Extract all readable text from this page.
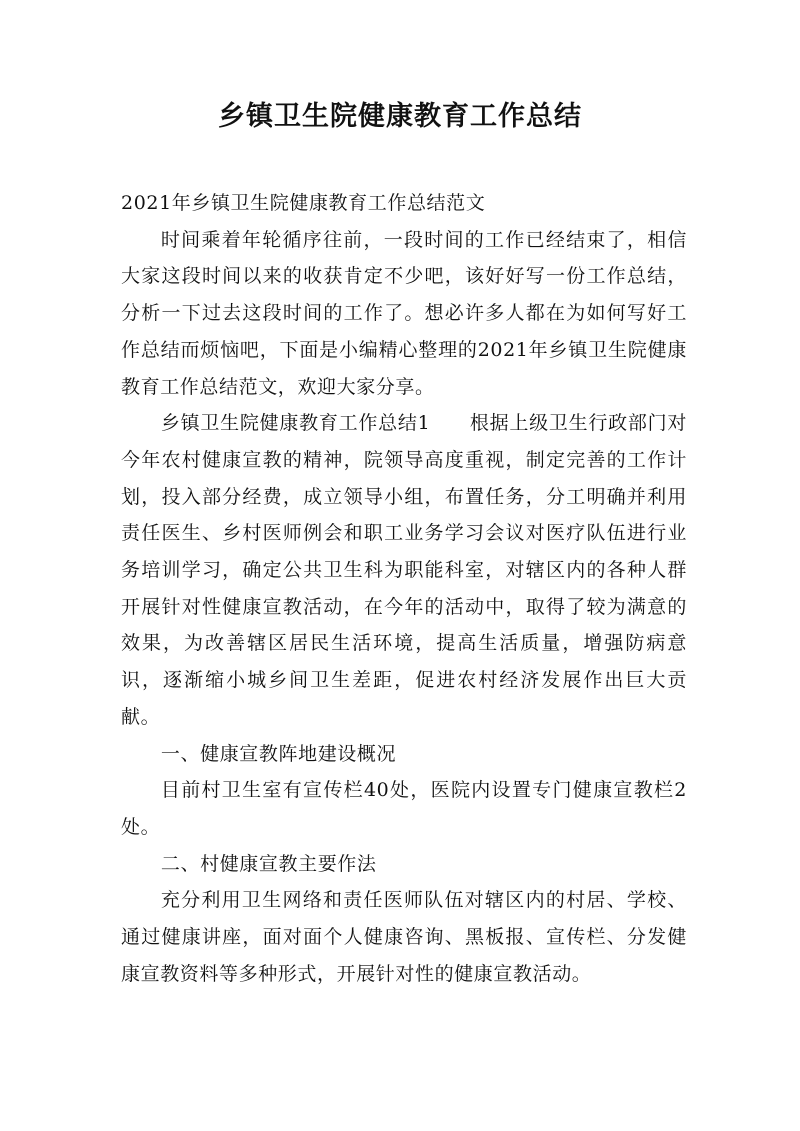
乡镇卫生院健康教育工作总结

2021年乡镇卫生院健康教育工作总结范文

时间乘着年轮循序往前，一段时间的工作已经结束了，相信大家这段时间以来的收获肯定不少吧，该好好写一份工作总结，分析一下过去这段时间的工作了。想必许多人都在为如何写好工作总结而烦恼吧，下面是小编精心整理的2021年乡镇卫生院健康教育工作总结范文，欢迎大家分享。

乡镇卫生院健康教育工作总结1　　根据上级卫生行政部门对今年农村健康宣教的精神，院领导高度重视，制定完善的工作计划，投入部分经费，成立领导小组，布置任务，分工明确并利用责任医生、乡村医师例会和职工业务学习会议对医疗队伍进行业务培训学习，确定公共卫生科为职能科室，对辖区内的各种人群开展针对性健康宣教活动，在今年的活动中，取得了较为满意的效果，为改善辖区居民生活环境，提高生活质量，增强防病意识，逐渐缩小城乡间卫生差距，促进农村经济发展作出巨大贡献。

一、健康宣教阵地建设概况

目前村卫生室有宣传栏40处，医院内设置专门健康宣教栏2处。

二、村健康宣教主要作法

充分利用卫生网络和责任医师队伍对辖区内的村居、学校、通过健康讲座，面对面个人健康咨询、黑板报、宣传栏、分发健康宣教资料等多种形式，开展针对性的健康宣教活动。
